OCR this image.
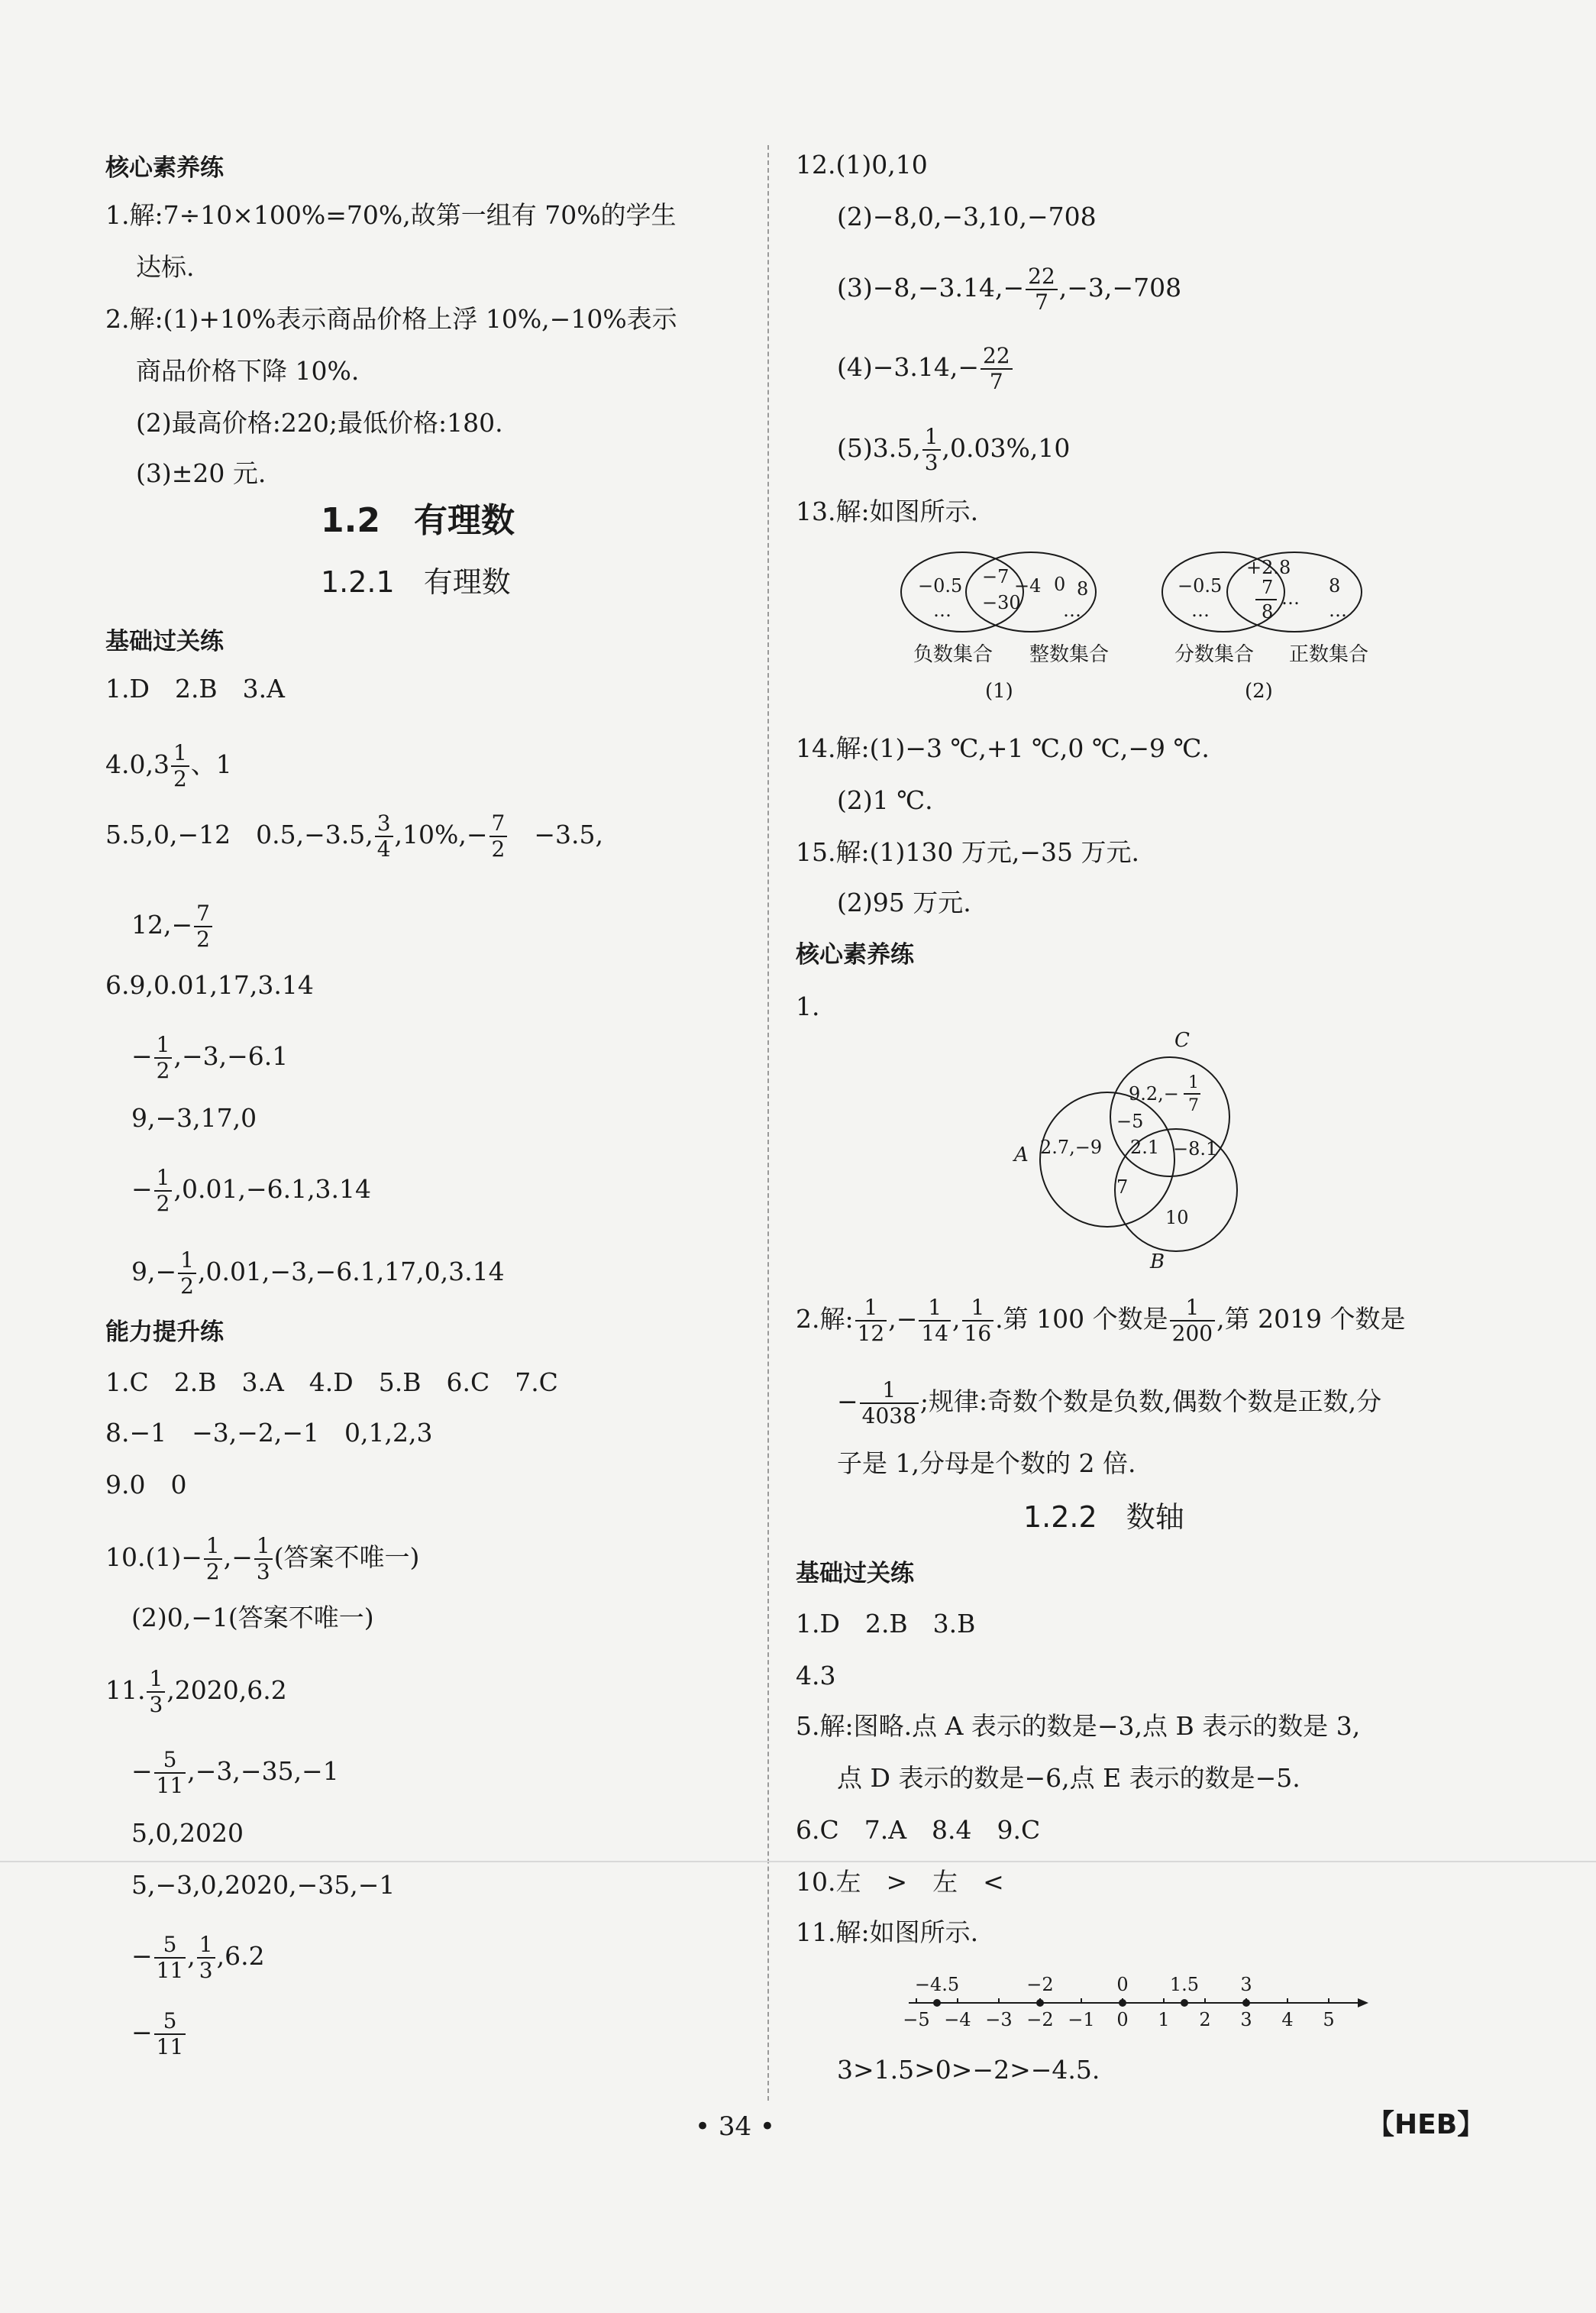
核心素养练
1.解:7÷10×100%=70%,故第一组有 70%的学生
达标.
2.解:(1)+10%表示商品价格上浮 10%,−10%表示
商品价格下降 10%.
(2)最高价格:220;最低价格:180.
(3)±20 元.
1.2　有理数
1.2.1　有理数
基础过关练
1.D　2.B　3.A
$4.0,3 \frac{1}{2}$ 、1
5.5,0,−12　0.5,−3.5, $\frac{3}{4} ,10\%,- \frac{7}{2}$ 　−3.5,
$12,- \frac{7}{2}$
6.9,0.01,17,3.14
− $\frac{1}{2} ,-3,-6.1$
9,−3,17,0
− $\frac{1}{2} ,0.01,-6.1,3.14$
$9,- \frac{1}{2} ,0.01,-3,-6.1,17,0,3.14$
能力提升练
1.C　2.B　3.A　4.D　5.B　6.C　7.C
8.−1　−3,−2,−1　0,1,2,3
9.0　0
$10.(1)- \frac{1}{2}$ ,− $\frac{1}{3}$ (答案不唯一)
(2)0,−1(答案不唯一)
11. $\frac{1}{3} ,2020,6.2$
− $\frac{5}{11} ,-3,-35,-1$
5,0,2020
5,−3,0,2020,−35,−1
− $\frac{5}{11}$ , $\frac{1}{3} ,6.2$
− $\frac{5}{11}$
12.(1)0,10
(2)−8,0,−3,10,−708
$(3)-8,-3.14,- \frac{22}{7} ,-3,-708$
$(4)-3.14,- \frac{22}{7}$
(5)3.5, $\frac{1}{3} ,0.03\%,10$
13.解:如图所示.
−0.5
…
−7 −4
−30
0 8
…
负数集合 整数集合
(1)
−0.5
…
+2.8
7
8
…
8
…
分数集合 正数集合
(2)
14.解:(1)−3 ℃,+1 ℃,0 ℃,−9 ℃.
(2)1 ℃.
15.解:(1)130 万元,−35 万元.
(2)95 万元.
核心素养练
1.
C
A
B
9.2,−
1
7
−5
2.7,−9 2.1 −8.1
7
10
2.解: $\frac{1}{12}$ ,− $\frac{1}{14}$ , $\frac{1}{16}$ .第 100 个数是 $\frac{1}{200}$ ,第 2019 个数是
− $\frac{1}{4038}$ ;规律:奇数个数是负数,偶数个数是正数,分
子是 1,分母是个数的 2 倍.
1.2.2　数轴
基础过关练
1.D　2.B　3.B
4.3
5.解:图略.点 A 表示的数是−3,点 B 表示的数是 3,
点 D 表示的数是−6,点 E 表示的数是−5.
6.C　7.A　8.4　9.C
10.左　>　左　<
11.解:如图所示.
−5 −4 −3 −2 −1 0 1 2 3 4 5
−4.5	−2	0 1.5 3
3>1.5>0>−2>−4.5.
• 34 •	【HEB】
